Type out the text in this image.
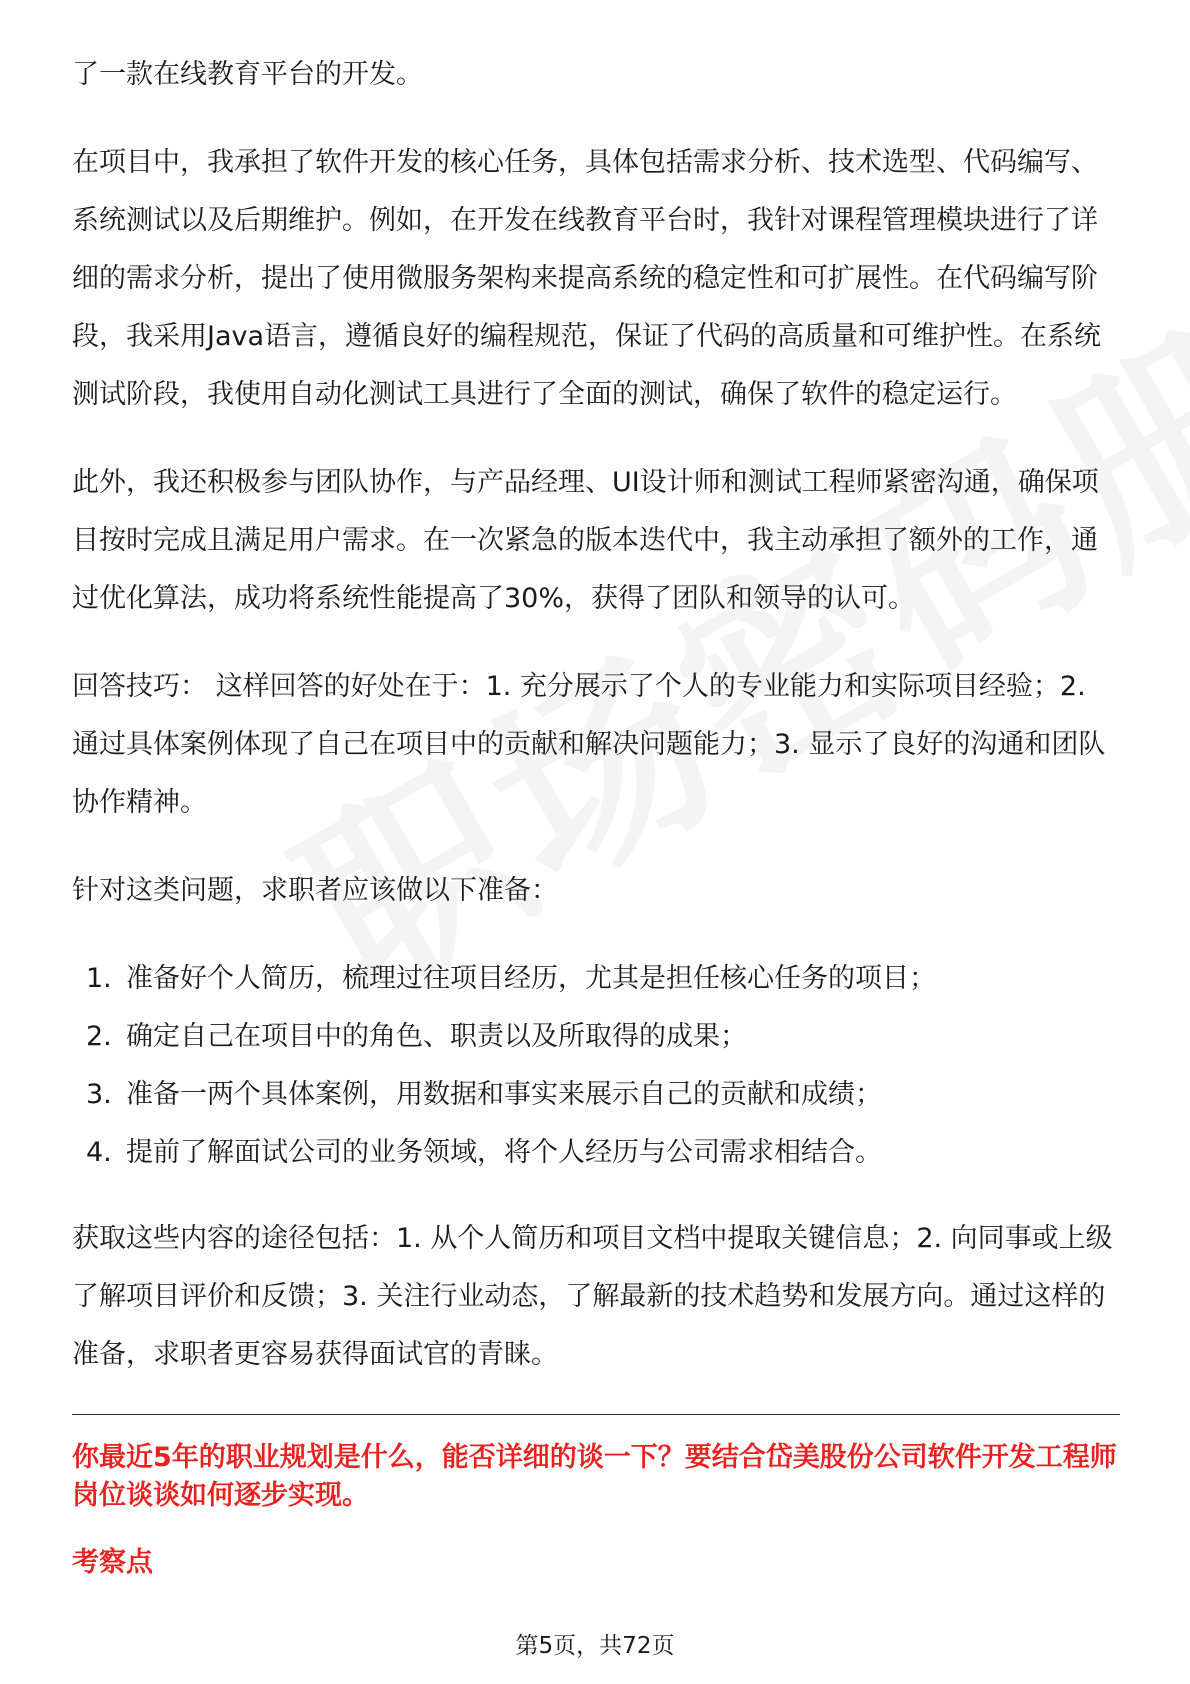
了一款在线教育平台的开发。

在项目中，我承担了软件开发的核心任务，具体包括需求分析、技术选型、代码编写、系统测试以及后期维护。例如，在开发在线教育平台时，我针对课程管理模块进行了详细的需求分析，提出了使用微服务架构来提高系统的稳定性和可扩展性。在代码编写阶段，我采用Java语言，遵循良好的编程规范，保证了代码的高质量和可维护性。在系统测试阶段，我使用自动化测试工具进行了全面的测试，确保了软件的稳定运行。

此外，我还积极参与团队协作，与产品经理、UI设计师和测试工程师紧密沟通，确保项目按时完成且满足用户需求。在一次紧急的版本迭代中，我主动承担了额外的工作，通过优化算法，成功将系统性能提高了30%，获得了团队和领导的认可。

回答技巧： 这样回答的好处在于：1. 充分展示了个人的专业能力和实际项目经验；2. 通过具体案例体现了自己在项目中的贡献和解决问题能力；3. 显示了良好的沟通和团队协作精神。

针对这类问题，求职者应该做以下准备：

1. 准备好个人简历，梳理过往项目经历，尤其是担任核心任务的项目；
2. 确定自己在项目中的角色、职责以及所取得的成果；
3. 准备一两个具体案例，用数据和事实来展示自己的贡献和成绩；
4. 提前了解面试公司的业务领域，将个人经历与公司需求相结合。

获取这些内容的途径包括：1. 从个人简历和项目文档中提取关键信息；2. 向同事或上级了解项目评价和反馈；3. 关注行业动态，了解最新的技术趋势和发展方向。通过这样的准备，求职者更容易获得面试官的青睐。

你最近5年的职业规划是什么，能否详细的谈一下？要结合岱美股份公司软件开发工程师岗位谈谈如何逐步实现。

考察点

第5页，共72页
